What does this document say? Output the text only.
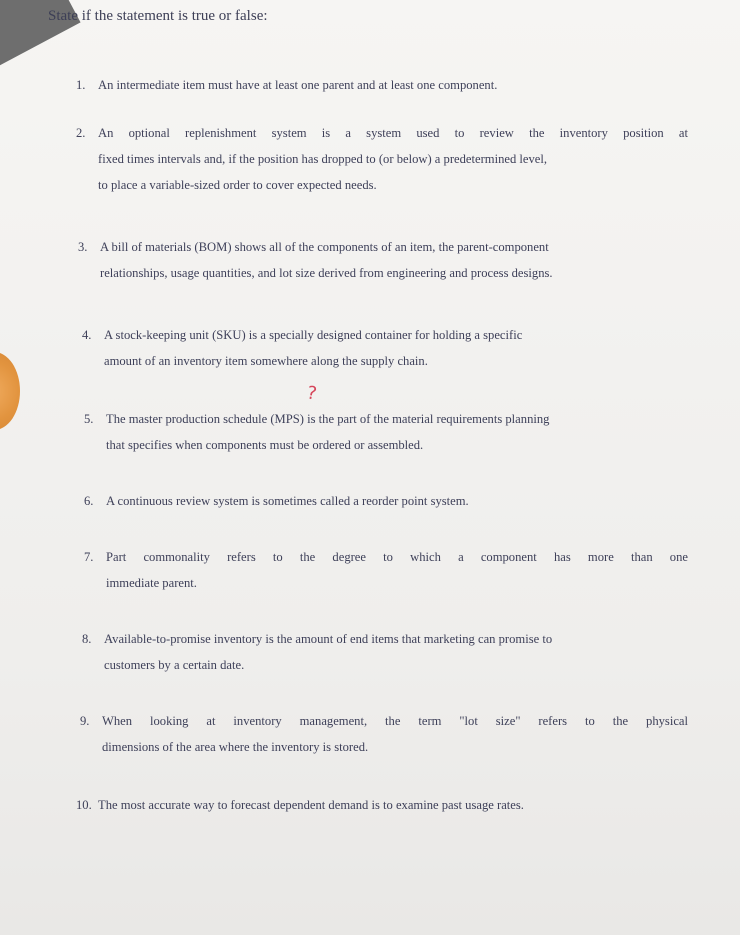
State if the statement is true or false:
1. An intermediate item must have at least one parent and at least one component.
2. An optional replenishment system is a system used to review the inventory position at
fixed times intervals and, if the position has dropped to (or below) a predetermined level,
to place a variable-sized order to cover expected needs.
3. A bill of materials (BOM) shows all of the components of an item, the parent-component
relationships, usage quantities, and lot size derived from engineering and process designs.
4. A stock-keeping unit (SKU) is a specially designed container for holding a specific
amount of an inventory item somewhere along the supply chain.
?
5. The master production schedule (MPS) is the part of the material requirements planning
that specifies when components must be ordered or assembled.
6. A continuous review system is sometimes called a reorder point system.
7. Part commonality refers to the degree to which a component has more than one
immediate parent.
8. Available-to-promise inventory is the amount of end items that marketing can promise to
customers by a certain date.
9. When looking at inventory management, the term "lot size" refers to the physical
dimensions of the area where the inventory is stored.
10. The most accurate way to forecast dependent demand is to examine past usage rates.
